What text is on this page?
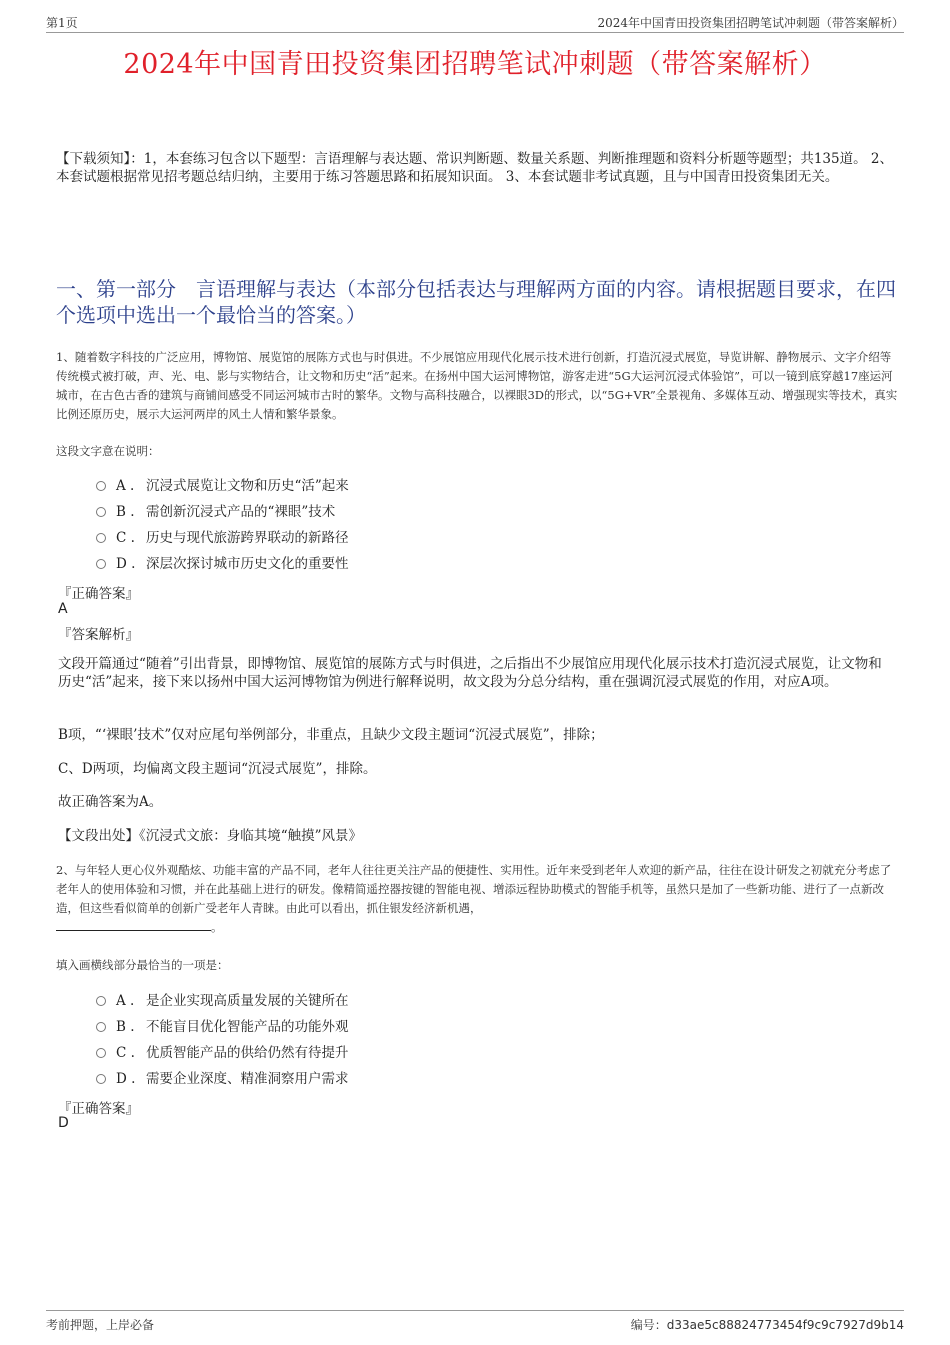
第1页	2024年中国青田投资集团招聘笔试冲刺题（带答案解析）
2024年中国青田投资集团招聘笔试冲刺题（带答案解析）
【下载须知】：1，本套练习包含以下题型：言语理解与表达题、常识判断题、数量关系题、判断推理题和资料分析题等题型；共135道。 2、本套试题根据常见招考题总结归纳，主要用于练习答题思路和拓展知识面。 3、本套试题非考试真题，且与中国青田投资集团无关。
一、第一部分　言语理解与表达（本部分包括表达与理解两方面的内容。请根据题目要求，在四个选项中选出一个最恰当的答案。）
1、随着数字科技的广泛应用，博物馆、展览馆的展陈方式也与时俱进。不少展馆应用现代化展示技术进行创新，打造沉浸式展览，导览讲解、静物展示、文字介绍等传统模式被打破，声、光、电、影与实物结合，让文物和历史“活”起来。在扬州中国大运河博物馆，游客走进“5G大运河沉浸式体验馆”，可以一镜到底穿越17座运河城市，在古色古香的建筑与商铺间感受不同运河城市古时的繁华。文物与高科技融合，以裸眼3D的形式，以“5G+VR”全景视角、多媒体互动、增强现实等技术，真实比例还原历史，展示大运河两岸的风土人情和繁华景象。
这段文字意在说明：
A . 沉浸式展览让文物和历史“活”起来
B . 需创新沉浸式产品的“裸眼”技术
C . 历史与现代旅游跨界联动的新路径
D . 深层次探讨城市历史文化的重要性
『正确答案』
A
『答案解析』
文段开篇通过“随着”引出背景，即博物馆、展览馆的展陈方式与时俱进，之后指出不少展馆应用现代化展示技术打造沉浸式展览，让文物和历史“活”起来，接下来以扬州中国大运河博物馆为例进行解释说明，故文段为分总分结构，重在强调沉浸式展览的作用，对应A项。
B项，“‘裸眼’技术”仅对应尾句举例部分，非重点，且缺少文段主题词“沉浸式展览”，排除；
C、D两项，均偏离文段主题词“沉浸式展览”，排除。
故正确答案为A。
【文段出处】《沉浸式文旅：身临其境“触摸”风景》
2、与年轻人更心仪外观酷炫、功能丰富的产品不同，老年人往往更关注产品的便捷性、实用性。近年来受到老年人欢迎的新产品，往往在设计研发之初就充分考虑了老年人的使用体验和习惯，并在此基础上进行的研发。像精简遥控器按键的智能电视、增添远程协助模式的智能手机等，虽然只是加了一些新功能、进行了一点新改造，但这些看似简单的创新广受老年人青睐。由此可以看出，抓住银发经济新机遇，
。
填入画横线部分最恰当的一项是：
A . 是企业实现高质量发展的关键所在
B . 不能盲目优化智能产品的功能外观
C . 优质智能产品的供给仍然有待提升
D . 需要企业深度、精准洞察用户需求
『正确答案』
D
考前押题，上岸必备	编号：d33ae5c88824773454f9c9c7927d9b14
